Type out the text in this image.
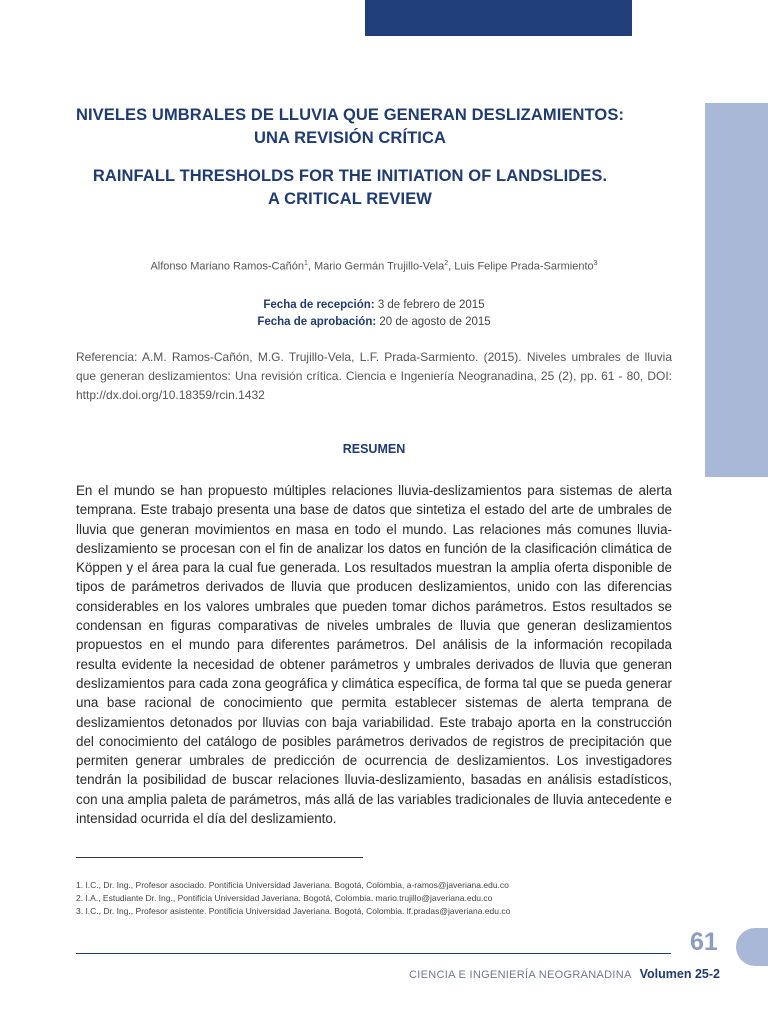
NIVELES UMBRALES DE LLUVIA QUE GENERAN DESLIZAMIENTOS:
UNA REVISIÓN CRÍTICA
RAINFALL THRESHOLDS FOR THE INITIATION OF LANDSLIDES.
A CRITICAL REVIEW
Alfonso Mariano Ramos-Cañón$^1$, Mario Germán Trujillo-Vela$^2$, Luis Felipe Prada-Sarmiento$^3$
Fecha de recepción: 3 de febrero de 2015
Fecha de aprobación: 20 de agosto de 2015
Referencia: A.M. Ramos-Cañón, M.G. Trujillo-Vela, L.F. Prada-Sarmiento. (2015). Niveles umbrales de lluvia que generan deslizamientos: Una revisión crítica. Ciencia e Ingeniería Neogranadina, 25 (2), pp. 61 - 80, DOI: http://dx.doi.org/10.18359/rcin.1432
RESUMEN
En el mundo se han propuesto múltiples relaciones lluvia-deslizamientos para sistemas de alerta temprana. Este trabajo presenta una base de datos que sintetiza el estado del arte de umbrales de lluvia que generan movimientos en masa en todo el mundo. Las relaciones más comunes lluvia-deslizamiento se procesan con el fin de analizar los datos en función de la clasificación climática de Köppen y el área para la cual fue generada. Los resultados muestran la amplia oferta disponible de tipos de parámetros derivados de lluvia que producen deslizamientos, unido con las diferencias considerables en los valores umbrales que pueden tomar dichos parámetros. Estos resultados se condensan en figuras comparativas de niveles umbrales de lluvia que generan deslizamientos propuestos en el mundo para diferentes parámetros. Del análisis de la información recopilada resulta evidente la necesidad de obtener parámetros y umbrales derivados de lluvia que generan deslizamientos para cada zona geográfica y climática específica, de forma tal que se pueda generar una base racional de conocimiento que permita establecer sistemas de alerta temprana de deslizamientos detonados por lluvias con baja variabilidad. Este trabajo aporta en la construcción del conocimiento del catálogo de posibles parámetros derivados de registros de precipitación que permiten generar umbrales de predicción de ocurrencia de deslizamientos. Los investigadores tendrán la posibilidad de buscar relaciones lluvia-deslizamiento, basadas en análisis estadísticos, con una amplia paleta de parámetros, más allá de las variables tradicionales de lluvia antecedente e intensidad ocurrida el día del deslizamiento.
1. I.C., Dr. Ing., Profesor asociado. Pontificia Universidad Javeriana. Bogotá, Colombia, a-ramos@javeriana.edu.co
2. I.A., Estudiante Dr. Ing., Pontificia Universidad Javeriana. Bogotá, Colombia. mario.trujillo@javeriana.edu.co
3. I.C., Dr. Ing., Profesor asistente. Pontificia Universidad Javeriana. Bogotá, Colombia. lf.pradas@javeriana.edu.co
61
CIENCIA E INGENIERÍA NEOGRANADINA Volumen 25-2
